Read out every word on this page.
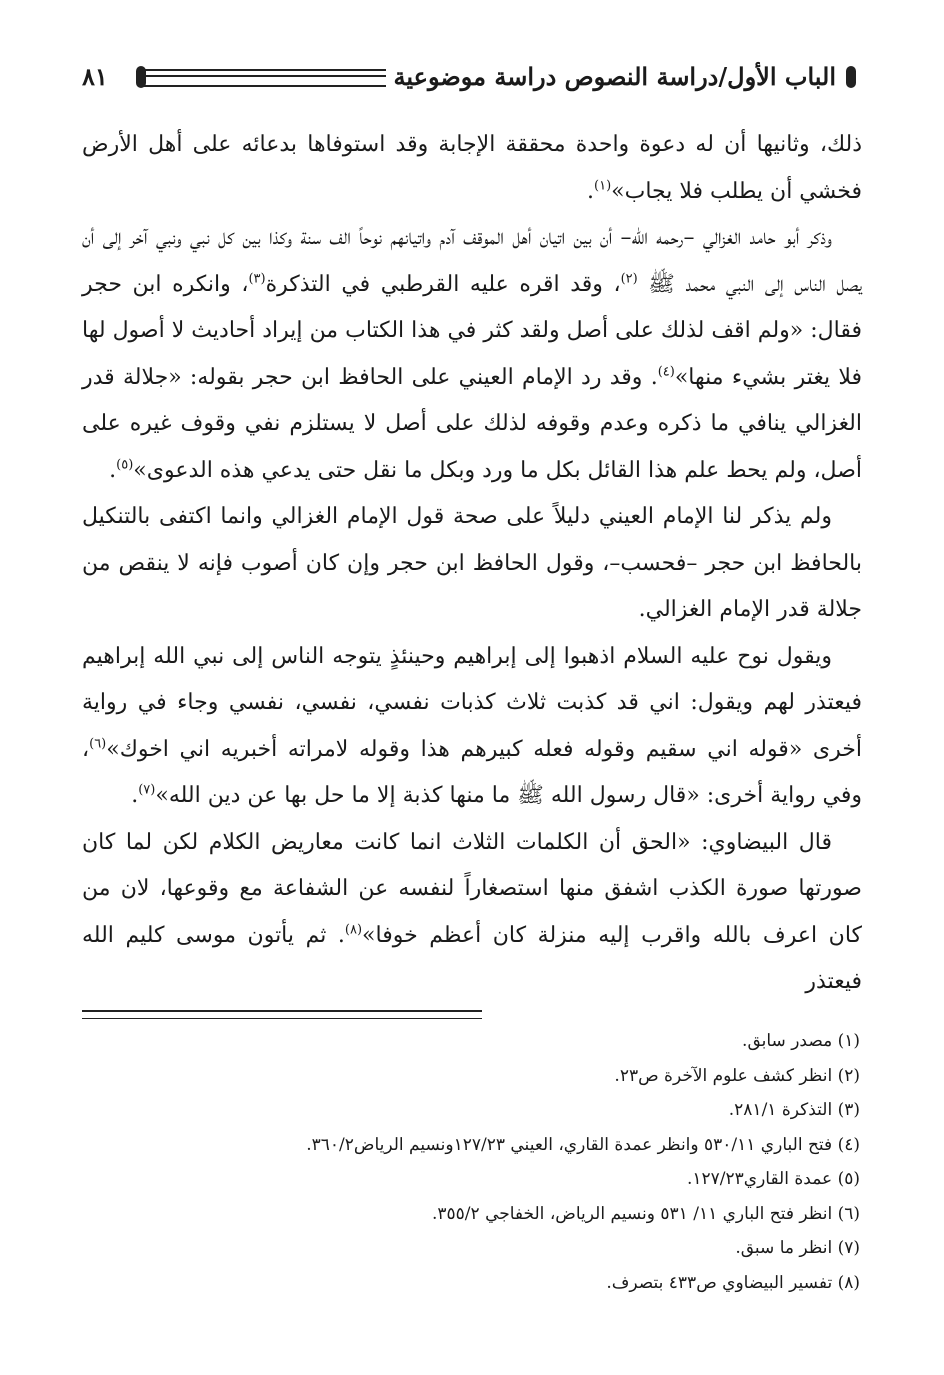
الباب الأول/دراسة النصوص دراسة موضوعية
٨١

ذلك، وثانيها أن له دعوة واحدة محققة الإجابة وقد استوفاها بدعائه على أهل الأرض فخشي أن يطلب فلا يجاب»$^{(١)}$.

وذكر أبو حامد الغزالي –رحمه الله– أن بين اتيان أهل الموقف آدم واتيانهم نوحاً الف سنة وكذا بين كل نبي ونبي آخر إلى أن يصل الناس إلى النبي محمد ﷺ $^{(٢)}$، وقد اقره عليه القرطبي في التذكرة$^{(٣)}$، وانكره ابن حجر فقال: «ولم اقف لذلك على أصل ولقد كثر في هذا الكتاب من إيراد أحاديث لا أصول لها فلا يغتر بشيء منها»$^{(٤)}$. وقد رد الإمام العيني على الحافظ ابن حجر بقوله: «جلالة قدر الغزالي ينافي ما ذكره وعدم وقوفه لذلك على أصل لا يستلزم نفي وقوف غيره على أصل، ولم يحط علم هذا القائل بكل ما ورد وبكل ما نقل حتى يدعي هذه الدعوى»$^{(٥)}$.

ولم يذكر لنا الإمام العيني دليلاً على صحة قول الإمام الغزالي وانما اكتفى بالتنكيل بالحافظ ابن حجر –فحسب–، وقول الحافظ ابن حجر وإن كان أصوب فإنه لا ينقص من جلالة قدر الإمام الغزالي.

ويقول نوح عليه السلام اذهبوا إلى إبراهيم وحينئذٍ يتوجه الناس إلى نبي الله إبراهيم فيعتذر لهم ويقول: اني قد كذبت ثلاث كذبات نفسي، نفسي، نفسي وجاء في رواية أخرى «قوله اني سقيم وقوله فعله كبيرهم هذا وقوله لامراته أخبريه اني اخوك»$^{(٦)}$، وفي رواية أخرى: «قال رسول الله ﷺ ما منها كذبة إلا ما حل بها عن دين الله»$^{(٧)}$.

قال البيضاوي: «الحق أن الكلمات الثلاث انما كانت معاريض الكلام لكن لما كان صورتها صورة الكذب اشفق منها استصغاراً لنفسه عن الشفاعة مع وقوعها، لان من كان اعرف بالله واقرب إليه منزلة كان أعظم خوفا»$^{(٨)}$. ثم يأتون موسى كليم الله فيعتذر

(١) مصدر سابق.
(٢) انظر كشف علوم الآخرة ص٢٣.
(٣) التذكرة ٢٨١/١.
(٤) فتح الباري ٥٣٠/١١ وانظر عمدة القاري، العيني ١٢٧/٢٣ونسيم الرياض٣٦٠/٢.
(٥) عمدة القاري١٢٧/٢٣.
(٦) انظر فتح الباري ١١/ ٥٣١ ونسيم الرياض، الخفاجي ٣٥٥/٢.
(٧) انظر ما سبق.
(٨) تفسير البيضاوي ص٤٣٣ بتصرف.
